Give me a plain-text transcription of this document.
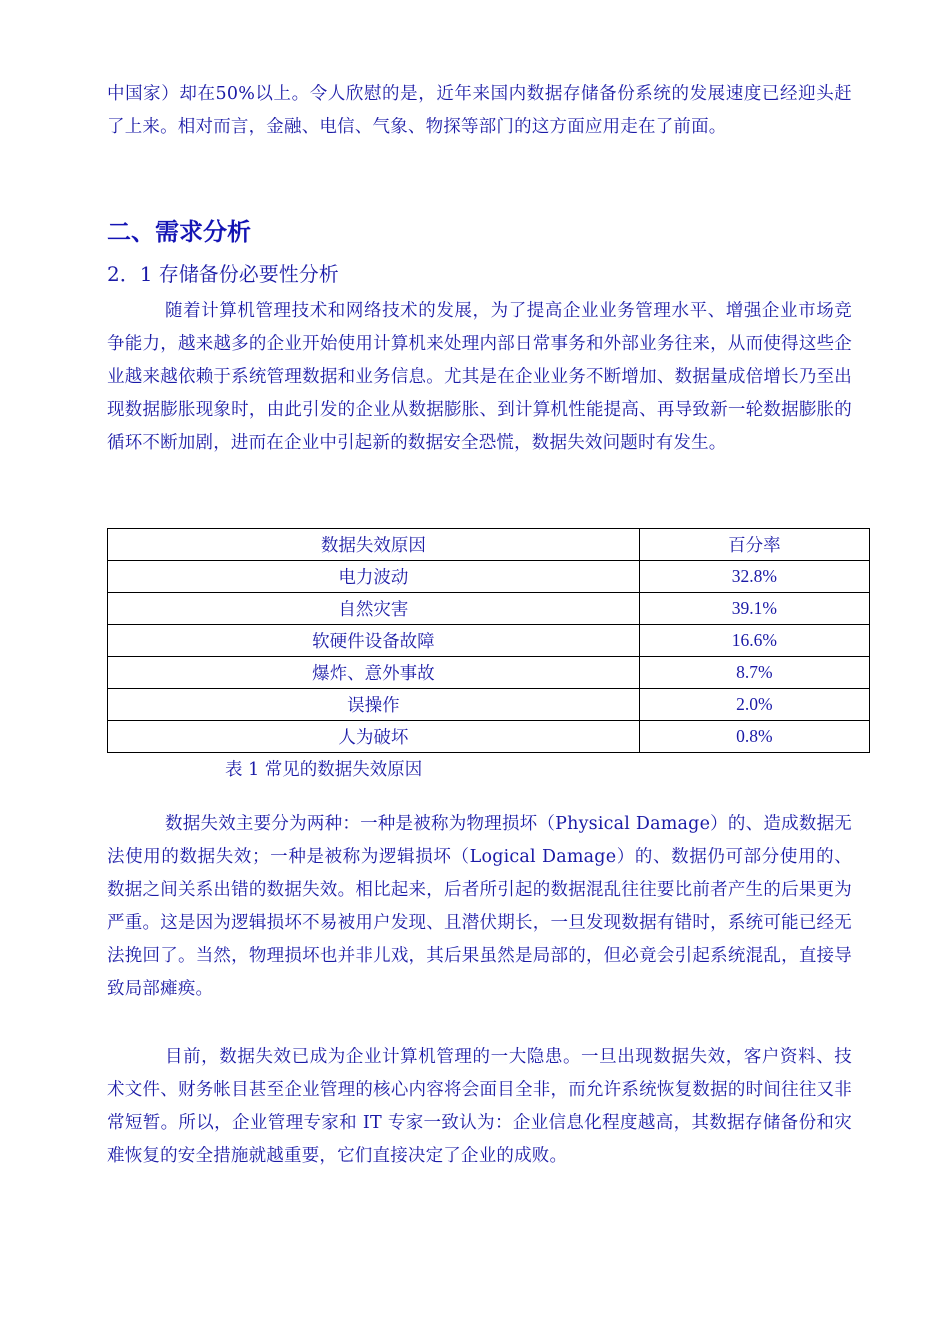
中国家）却在50%以上。令人欣慰的是，近年来国内数据存储备份系统的发展速度已经迎头赶了上来。相对而言，金融、电信、气象、物探等部门的这方面应用走在了前面。

二、需求分析
2．1 存储备份必要性分析

随着计算机管理技术和网络技术的发展，为了提高企业业务管理水平、增强企业市场竞争能力，越来越多的企业开始使用计算机来处理内部日常事务和外部业务往来，从而使得这些企业越来越依赖于系统管理数据和业务信息。尤其是在企业业务不断增加、数据量成倍增长乃至出现数据膨胀现象时，由此引发的企业从数据膨胀、到计算机性能提高、再导致新一轮数据膨胀的循环不断加剧，进而在企业中引起新的数据安全恐慌，数据失效问题时有发生。

数据失效原因	百分率
电力波动	32.8%
自然灾害	39.1%
软硬件设备故障	16.6%
爆炸、意外事故	8.7%
误操作	2.0%
人为破坏	0.8%

表 1 常见的数据失效原因

数据失效主要分为两种：一种是被称为物理损坏（Physical Damage）的、造成数据无法使用的数据失效；一种是被称为逻辑损坏（Logical Damage）的、数据仍可部分使用的、数据之间关系出错的数据失效。相比起来，后者所引起的数据混乱往往要比前者产生的后果更为严重。这是因为逻辑损坏不易被用户发现、且潜伏期长，一旦发现数据有错时，系统可能已经无法挽回了。当然，物理损坏也并非儿戏，其后果虽然是局部的，但必竟会引起系统混乱，直接导致局部瘫痪。

目前，数据失效已成为企业计算机管理的一大隐患。一旦出现数据失效，客户资料、技术文件、财务帐目甚至企业管理的核心内容将会面目全非，而允许系统恢复数据的时间往往又非常短暂。所以，企业管理专家和 IT 专家一致认为：企业信息化程度越高，其数据存储备份和灾难恢复的安全措施就越重要，它们直接决定了企业的成败。
